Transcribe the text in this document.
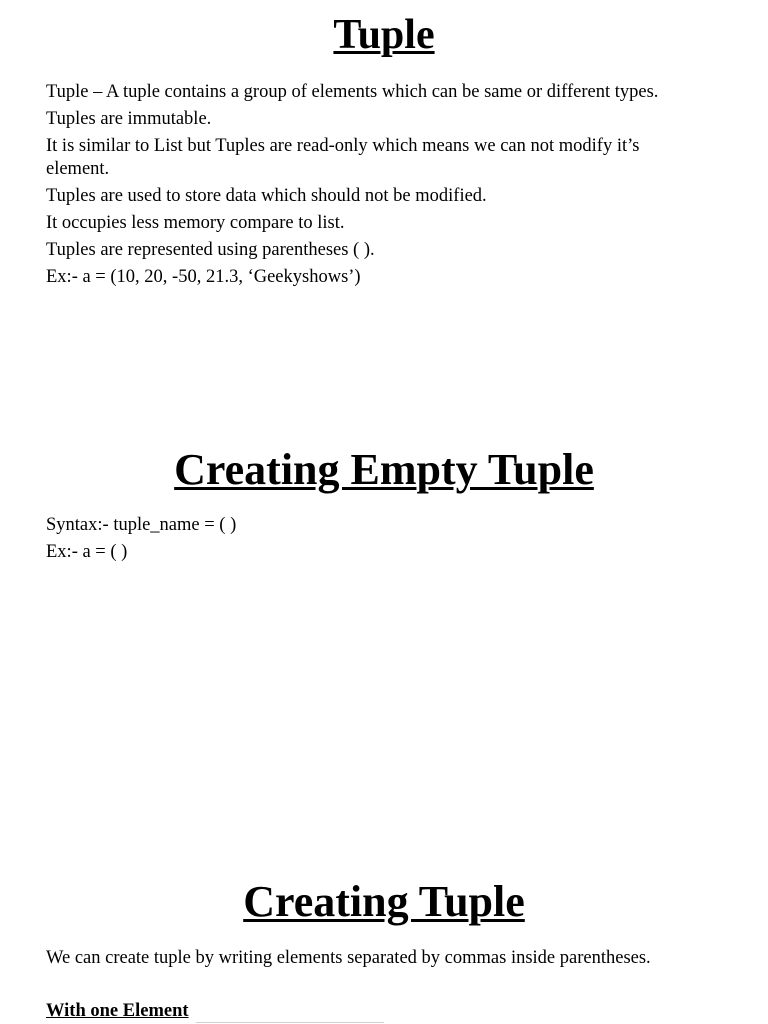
Tuple
Tuple – A tuple contains a group of elements which can be same or different types.
Tuples are immutable.
It is similar to List but Tuples are read-only which means we can not modify it’s element.
Tuples are used to store data which should not be modified.
It occupies less memory compare to list.
Tuples are represented using parentheses ( ).
Ex:- a = (10, 20, -50, 21.3, ‘Geekyshows’)
Creating Empty Tuple
Syntax:- tuple_name = ( )
Ex:- a = ( )
Creating Tuple
We can create tuple by writing elements separated by commas inside parentheses.

With one Element
